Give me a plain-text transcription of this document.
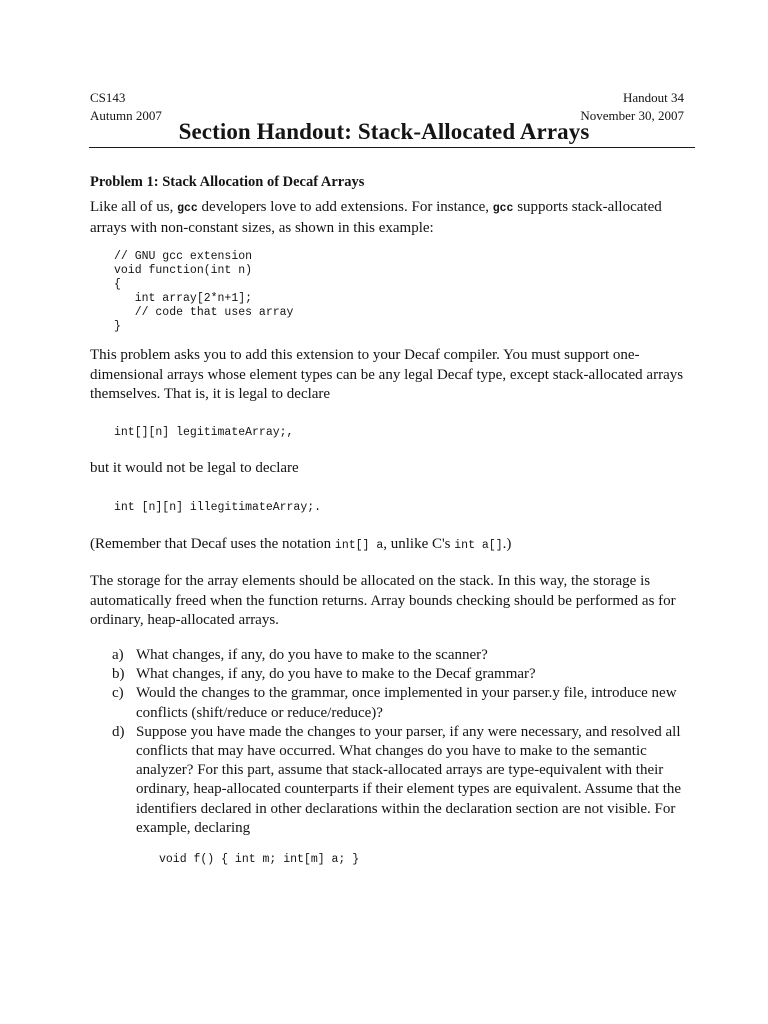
CS143
Autumn 2007
Handout 34
November 30, 2007
Section Handout: Stack-Allocated Arrays
Problem 1: Stack Allocation of Decaf Arrays
Like all of us, gcc developers love to add extensions. For instance, gcc supports stack-allocated arrays with non-constant sizes, as shown in this example:
// GNU gcc extension
void function(int n)
{
int array[2*n+1];
// code that uses array
}
This problem asks you to add this extension to your Decaf compiler. You must support one-dimensional arrays whose element types can be any legal Decaf type, except stack-allocated arrays themselves. That is, it is legal to declare
int[][n] legitimateArray;,
but it would not be legal to declare
int [n][n] illegitimateArray;.
(Remember that Decaf uses the notation int[] a, unlike C's int a[].)
The storage for the array elements should be allocated on the stack. In this way, the storage is automatically freed when the function returns. Array bounds checking should be performed as for ordinary, heap-allocated arrays.
a) What changes, if any, do you have to make to the scanner?
b) What changes, if any, do you have to make to the Decaf grammar?
c) Would the changes to the grammar, once implemented in your parser.y file, introduce new conflicts (shift/reduce or reduce/reduce)?
d) Suppose you have made the changes to your parser, if any were necessary, and resolved all conflicts that may have occurred. What changes do you have to make to the semantic analyzer? For this part, assume that stack-allocated arrays are type-equivalent with their ordinary, heap-allocated counterparts if their element types are equivalent. Assume that the identifiers declared in other declarations within the declaration section are not visible. For example, declaring
void f() { int m; int[m] a; }
